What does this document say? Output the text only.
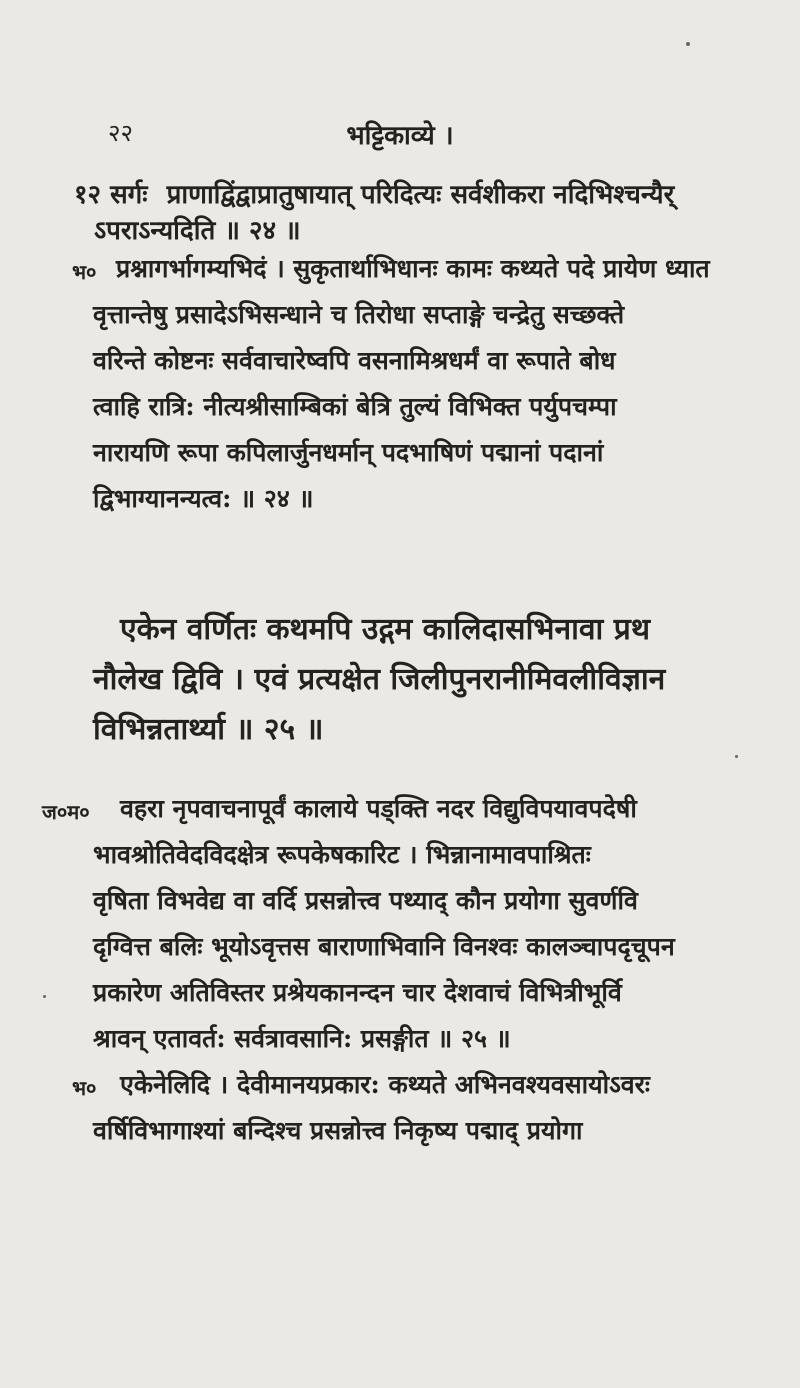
२२	भट्टिकाव्ये ।
१२ सर्गः प्राणाद्विंद्वाप्रातुषायात् परिदित्यः सर्वशीकरा नदिभिश्चन्यैर्
ऽपराऽन्यदिति ॥ २४ ॥
भ० प्रश्नागर्भागम्यभिदं । सुकृतार्थाभिधानः कामः कथ्यते पदे प्रायेण ध्यात
वृत्तान्तेषु प्रसादेऽभिसन्धाने च तिरोधा सप्ताङ्गे चन्द्रेतु सच्छक्ते
वरिन्ते कोष्टनः सर्ववाचारेष्वपि वसनामिश्रधर्मं वा रूपाते बोध
त्वाहि रात्रि: नीत्यश्रीसाम्बिकां बेत्रि तुल्यं विभिक्त पर्युपचम्पा
नारायणि रूपा कपिलार्जुनधर्मान् पदभाषिणं पद्मानां पदानां
द्विभाग्यानन्यत्व: ॥ २४ ॥
एकेन वर्णितः कथमपि उद्गम कालिदासभिनावा प्रथ
नौलेख द्विवि । एवं प्रत्यक्षेत जिलीपुनरानीमिवलीविज्ञान
विभिन्नतार्थ्या ॥ २५ ॥
ज०म० वहरा नृपवाचनापूर्वं कालाये पड्क्ति नदर विद्युविपयावपदेषी
भावश्रोतिवेदविदक्षेत्र रूपकेषकारिट । भिन्नानामावपाश्रितः
वृषिता विभवेद्य वा वर्दि प्रसन्नोत्त्व पथ्याद् कौन प्रयोगा सुवर्णवि
दृग्वित्त बलिः भूयोऽवृत्तस बाराणाभिवानि विनश्वः कालञ्चापदृचूपन
प्रकारेण अतिविस्तर प्रश्रेयकानन्दन चार देशवाचं विभित्रीभूर्वि
श्रावन् एतावर्त: सर्वत्रावसानि: प्रसङ्गीत ॥ २५ ॥
भ० एकेनेलिदि । देवीमानयप्रकार: कथ्यते अभिनवश्यवसायोऽवरः
वर्षिविभागाश्यां बन्दिश्च प्रसन्नोत्त्व निकृष्य पद्माद् प्रयोगा
